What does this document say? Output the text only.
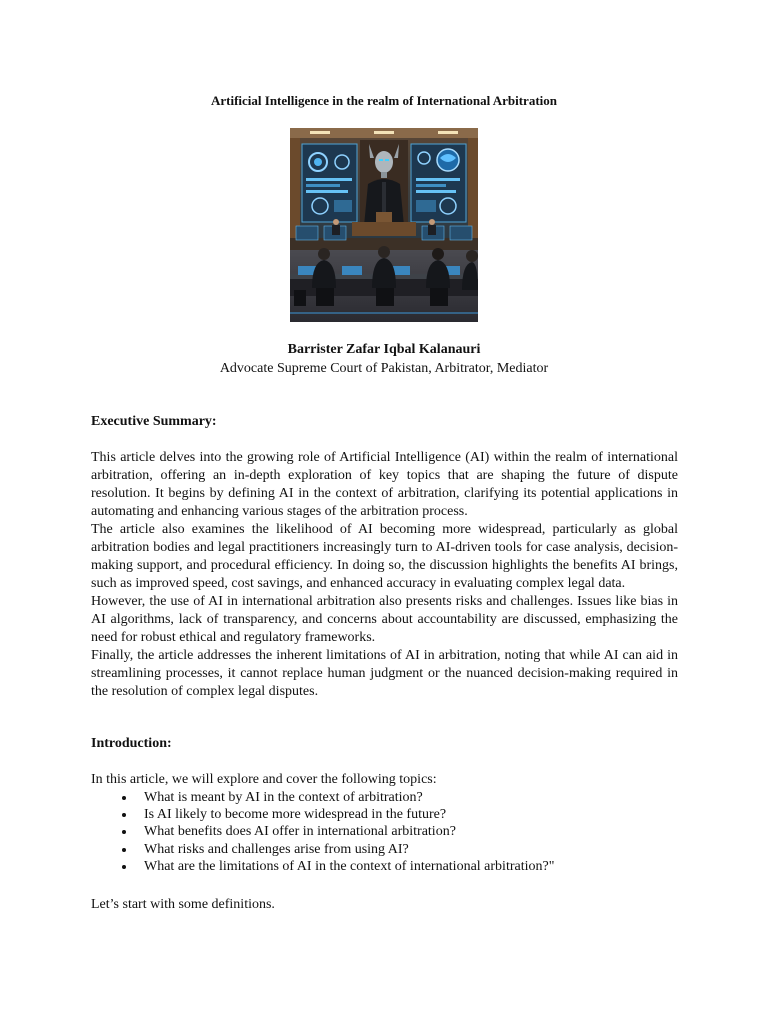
Artificial Intelligence in the realm of International Arbitration
Barrister Zafar Iqbal Kalanauri
Advocate Supreme Court of Pakistan, Arbitrator, Mediator
Executive Summary:

This article delves into the growing role of Artificial Intelligence (AI) within the realm of international arbitration, offering an in-depth exploration of key topics that are shaping the future of dispute resolution. It begins by defining AI in the context of arbitration, clarifying its potential applications in automating and enhancing various stages of the arbitration process.

The article also examines the likelihood of AI becoming more widespread, particularly as global arbitration bodies and legal practitioners increasingly turn to AI-driven tools for case analysis, decision-making support, and procedural efficiency. In doing so, the discussion highlights the benefits AI brings, such as improved speed, cost savings, and enhanced accuracy in evaluating complex legal data.

However, the use of AI in international arbitration also presents risks and challenges. Issues like bias in AI algorithms, lack of transparency, and concerns about accountability are discussed, emphasizing the need for robust ethical and regulatory frameworks.

Finally, the article addresses the inherent limitations of AI in arbitration, noting that while AI can aid in streamlining processes, it cannot replace human judgment or the nuanced decision-making required in the resolution of complex legal disputes.

Introduction:
In this article, we will explore and cover the following topics:
• What is meant by AI in the context of arbitration?
• Is AI likely to become more widespread in the future?
• What benefits does AI offer in international arbitration?
• What risks and challenges arise from using AI?
• What are the limitations of AI in the context of international arbitration?"
Let’s start with some definitions.
